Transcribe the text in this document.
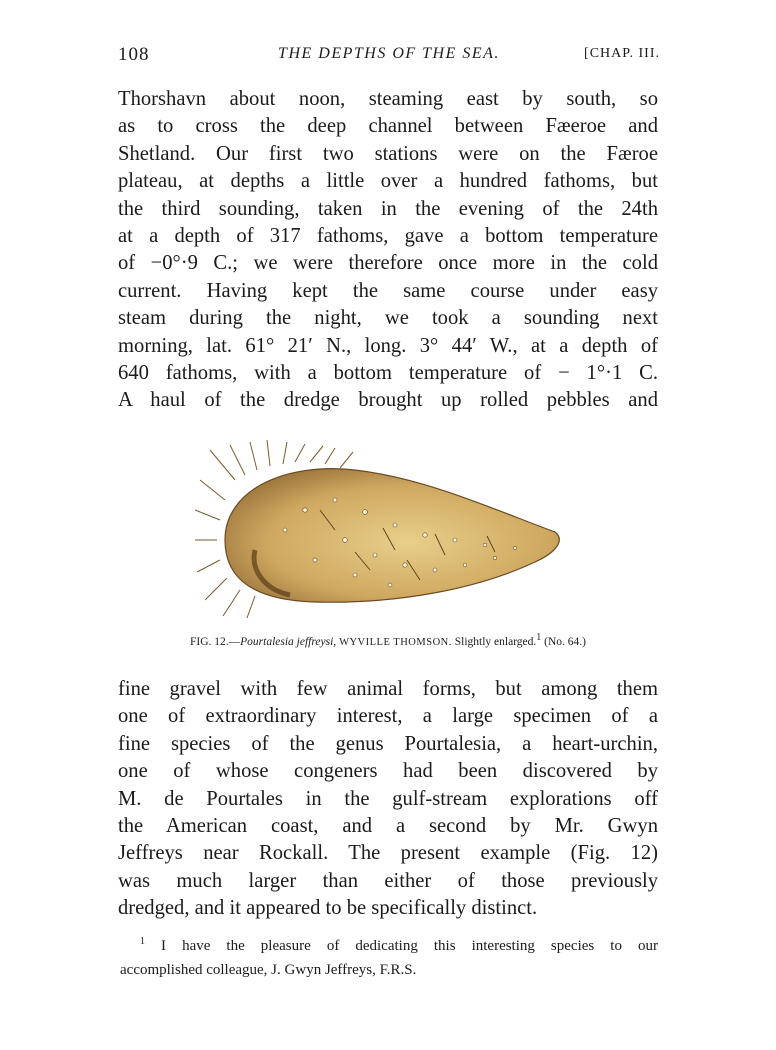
108	THE DEPTHS OF THE SEA.	[CHAP. III.
Thorshavn about noon, steaming east by south, so
as to cross the deep channel between Fæeroe and
Shetland. Our first two stations were on the Færoe
plateau, at depths a little over a hundred fathoms, but
the third sounding, taken in the evening of the 24th
at a depth of 317 fathoms, gave a bottom temperature
of −0°·9 C.; we were therefore once more in the cold
current. Having kept the same course under easy
steam during the night, we took a sounding next
morning, lat. 61° 21′ N., long. 3° 44′ W., at a depth of
640 fathoms, with a bottom temperature of − 1°·1 C.
A haul of the dredge brought up rolled pebbles and
FIG. 12.—Pourtalesia jeffreysi, WYVILLE THOMSON. Slightly enlarged.1 (No. 64.)
fine gravel with few animal forms, but among them
one of extraordinary interest, a large specimen of a
fine species of the genus Pourtalesia, a heart-urchin,
one of whose congeners had been discovered by
M. de Pourtales in the gulf-stream explorations off
the American coast, and a second by Mr. Gwyn
Jeffreys near Rockall. The present example (Fig. 12)
was much larger than either of those previously
dredged, and it appeared to be specifically distinct.
$^1$ I have the pleasure of dedicating this interesting species to our
accomplished colleague, J. Gwyn Jeffreys, F.R.S.
